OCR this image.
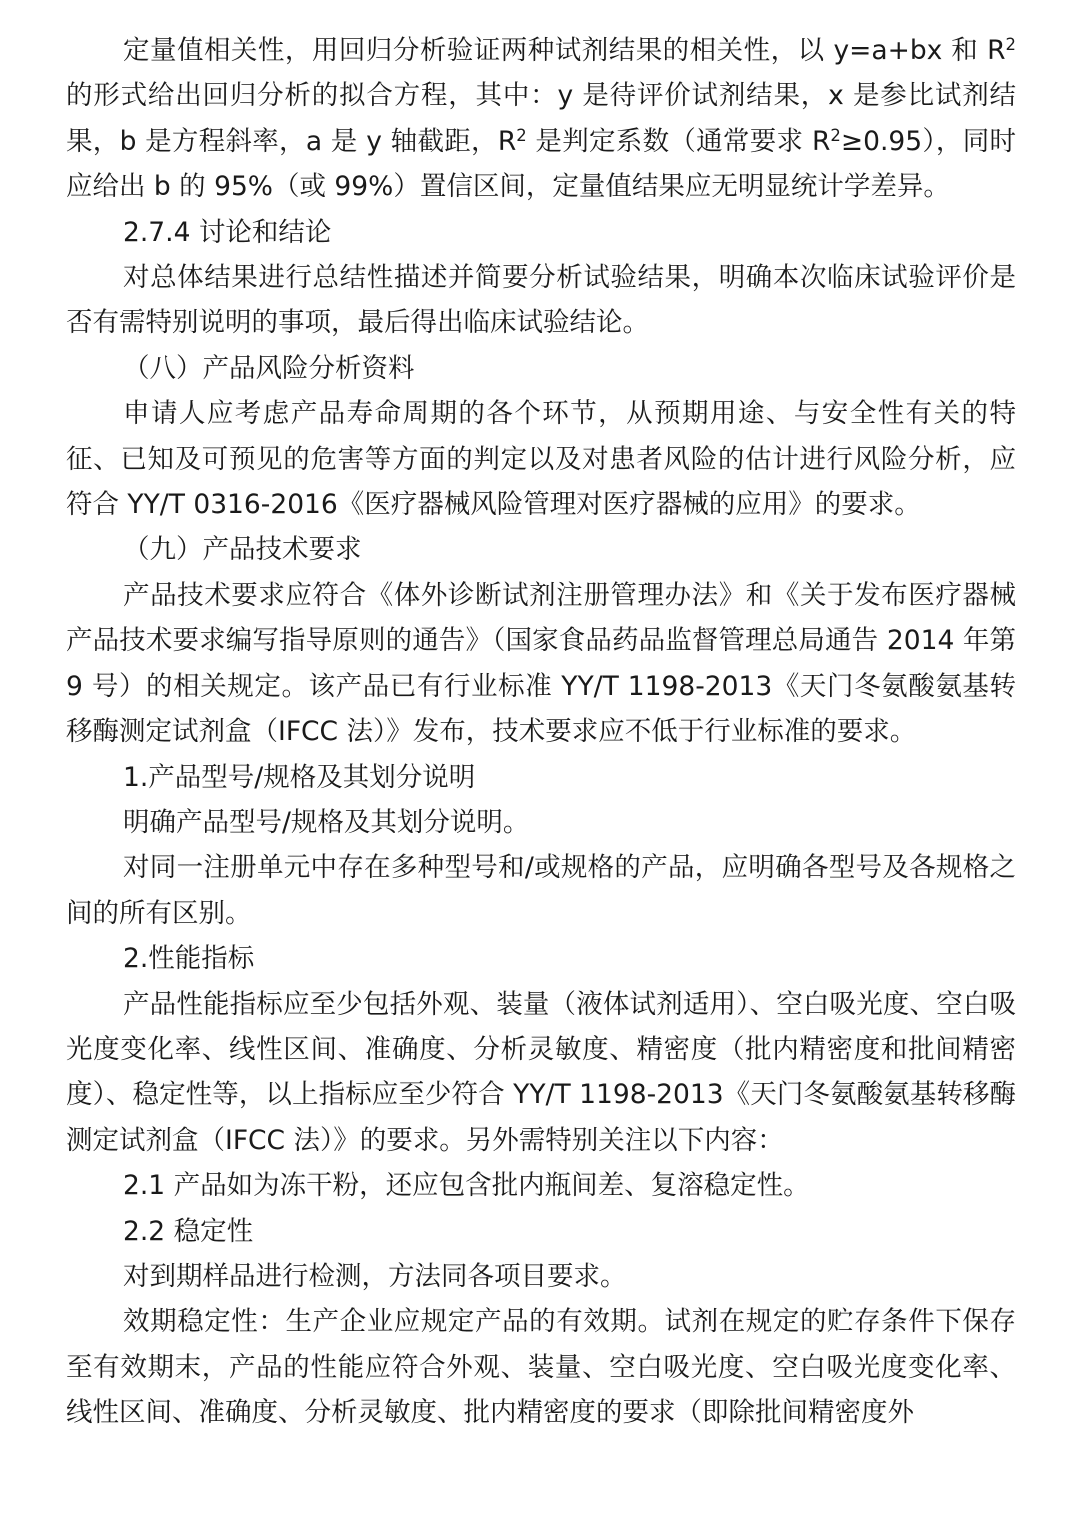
定量值相关性，用回归分析验证两种试剂结果的相关性，以 y=a+bx 和 $R^2$ 的形式给出回归分析的拟合方程，其中：y 是待评价试剂结果，x 是参比试剂结果，b 是方程斜率，a 是 y 轴截距，$R^2$ 是判定系数（通常要求 $R^2\ge 0.95$），同时应给出 b 的 95%（或 99%）置信区间，定量值结果应无明显统计学差异。

2.7.4 讨论和结论

对总体结果进行总结性描述并简要分析试验结果，明确本次临床试验评价是否有需特别说明的事项，最后得出临床试验结论。

（八）产品风险分析资料

申请人应考虑产品寿命周期的各个环节，从预期用途、与安全性有关的特征、已知及可预见的危害等方面的判定以及对患者风险的估计进行风险分析，应符合 YY/T 0316-2016《医疗器械风险管理对医疗器械的应用》的要求。

（九）产品技术要求

产品技术要求应符合《体外诊断试剂注册管理办法》和《关于发布医疗器械产品技术要求编写指导原则的通告》（国家食品药品监督管理总局通告 2014 年第 9 号）的相关规定。该产品已有行业标准 YY/T 1198-2013《天门冬氨酸氨基转移酶测定试剂盒（IFCC 法）》发布，技术要求应不低于行业标准的要求。

1.产品型号/规格及其划分说明

明确产品型号/规格及其划分说明。

对同一注册单元中存在多种型号和/或规格的产品，应明确各型号及各规格之间的所有区别。

2.性能指标

产品性能指标应至少包括外观、装量（液体试剂适用）、空白吸光度、空白吸光度变化率、线性区间、准确度、分析灵敏度、精密度（批内精密度和批间精密度）、稳定性等，以上指标应至少符合 YY/T 1198-2013《天门冬氨酸氨基转移酶测定试剂盒（IFCC 法）》的要求。另外需特别关注以下内容：

2.1 产品如为冻干粉，还应包含批内瓶间差、复溶稳定性。

2.2 稳定性

对到期样品进行检测，方法同各项目要求。

效期稳定性：生产企业应规定产品的有效期。试剂在规定的贮存条件下保存至有效期末，产品的性能应符合外观、装量、空白吸光度、空白吸光度变化率、线性区间、准确度、分析灵敏度、批内精密度的要求（即除批间精密度外
